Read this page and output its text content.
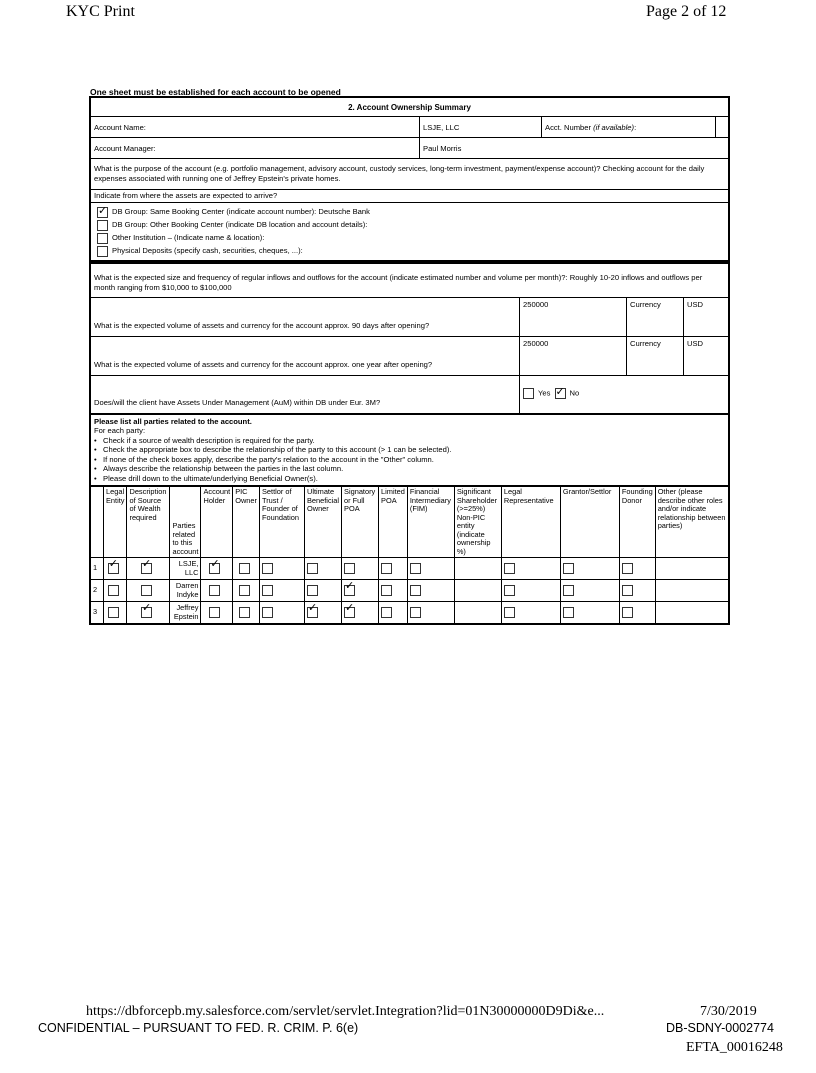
KYC Print	Page 2 of 12
One sheet must be established for each account to be opened
2. Account Ownership Summary			
Account Name:	LSJE, LLC	Acct. Number (if available):	
Account Manager:	Paul Morris		
What is the purpose of the account (e.g. portfolio management, advisory account, custody services, long-term investment, payment/expense account)? Checking account for the daily expenses associated with running one of Jeffrey Epstein's private homes.			

Indicate from where the assets are expected to arrive?			

✓DB Group: Same Booking Center (indicate account number): Deutsche Bank
DB Group: Other Booking Center (indicate DB location and account details):
Other Institution – (Indicate name & location):
Physical Deposits (specify cash, securities, cheques, ...):
What is the expected size and frequency of regular inflows and outflows for the account (indicate estimated number and volume per month)?: Roughly 10-20 inflows and outflows per month ranging from $10,000 to $100,000			
What is the expected volume of assets and currency for the account approx. 90 days after opening?	250000	Currency	USD
What is the expected volume of assets and currency for the account approx. one year after opening?	250000	Currency	USD
Does/will the client have Assets Under Management (AuM) within DB under Eur. 3M?	Yes ✓ No
Please list all parties related to the account.
For each party:
• Check if a source of wealth description is required for the party.
• Check the appropriate box to describe the relationship of the party to this account (> 1 can be selected).
• If none of the check boxes apply, describe the party's relation to the account in the "Other" column.
• Always describe the relationship between the parties in the last column.
• Please drill down to the ultimate/underlying Beneficial Owner(s).
	Legal Entity	Description of Source of Wealth required	Parties related to this account	Account Holder	PIC Owner	Settlor of Trust / Founder of Foundation	Ultimate Beneficial Owner	Signatory or Full POA	Limited POA	Financial Intermediary (FIM)	Significant Shareholder (>=25%) Non-PIC entity (indicate ownership %)	Legal Representative	Grantor/Settlor	Founding Donor	Other (please describe other roles and/or indicate relationship between parties)
1	✓	✓	LSJE, LLC	✓											
2			Darren Indyke					✓							
3		✓	Jeffrey Epstein				✓	✓							
https://dbforcepb.my.salesforce.com/servlet/servlet.Integration?lid=01N30000000D9Di&e...	7/30/2019
CONFIDENTIAL – PURSUANT TO FED. R. CRIM. P. 6(e)	DB-SDNY-0002774
EFTA_00016248
